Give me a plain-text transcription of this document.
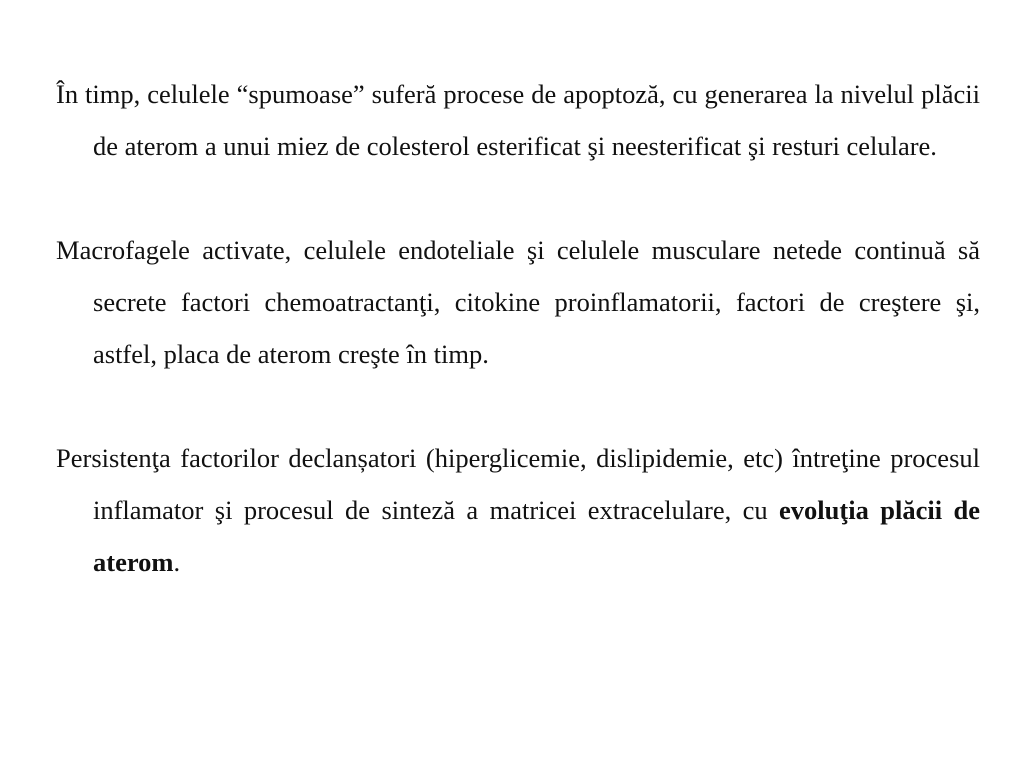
În timp, celulele “spumoase” suferă procese de apoptoză, cu generarea la nivelul plăcii de aterom a unui miez de colesterol esterificat şi neesterificat şi resturi celulare.

Macrofagele activate, celulele endoteliale şi celulele musculare netede continuă să secrete factori chemoatractanţi, citokine proinflamatorii, factori de creştere şi, astfel, placa de aterom creşte în timp.

Persistenţa factorilor declanșatori (hiperglicemie, dislipidemie, etc) întreţine procesul inflamator şi procesul de sinteză a matricei extracelulare, cu evoluţia plăcii de aterom.
